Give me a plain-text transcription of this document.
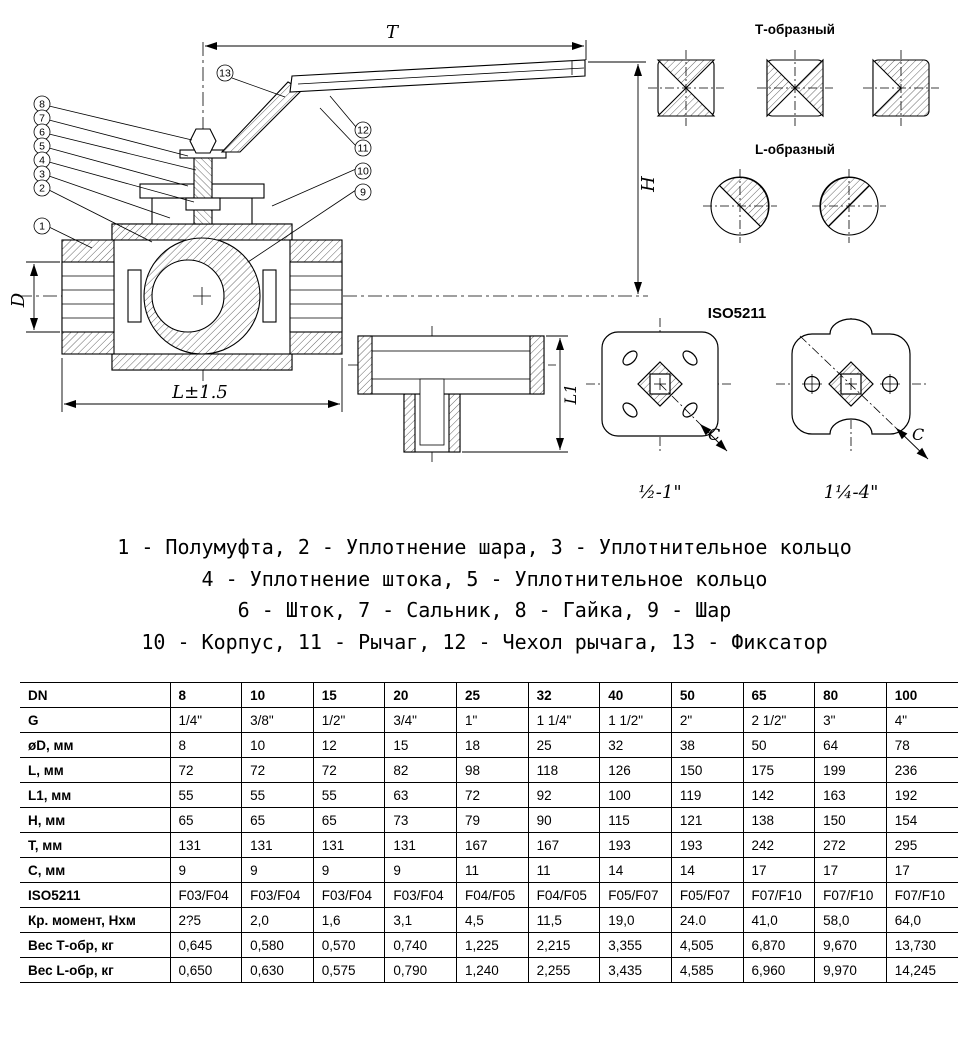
T
H
D
L±1.5
8
7
6
5
4
3
2
1
13
12
11
10
9
L1
Т-образный
L-образный
ISO5211
C	C
½-1"	1¼-4"
1 - Полумуфта, 2 - Уплотнение шара, 3 - Уплотнительное кольцо
4 - Уплотнение штока, 5 - Уплотнительное кольцо
6 - Шток, 7 - Сальник, 8 - Гайка, 9 - Шар
10 - Корпус, 11 - Рычаг, 12 - Чехол рычага, 13 - Фиксатор
DN	8	10	15	20	25	32	40	50	65	80	100
G	1/4"	3/8"	1/2"	3/4"	1"	1 1/4"	1 1/2"	2"	2 1/2"	3"	4"
øD, мм	8	10	12	15	18	25	32	38	50	64	78
L, мм	72	72	72	82	98	118	126	150	175	199	236
L1, мм	55	55	55	63	72	92	100	119	142	163	192
H, мм	65	65	65	73	79	90	115	121	138	150	154
T, мм	131	131	131	131	167	167	193	193	242	272	295
C, мм	9	9	9	9	11	11	14	14	17	17	17
ISO5211	F03/F04	F03/F04	F03/F04	F03/F04	F04/F05	F04/F05	F05/F07	F05/F07	F07/F10	F07/F10	F07/F10
Кр. момент, Нхм	2?5	2,0	1,6	3,1	4,5	11,5	19,0	24.0	41,0	58,0	64,0
Вес Т-обр, кг	0,645	0,580	0,570	0,740	1,225	2,215	3,355	4,505	6,870	9,670	13,730
Вес L-обр, кг	0,650	0,630	0,575	0,790	1,240	2,255	3,435	4,585	6,960	9,970	14,245
